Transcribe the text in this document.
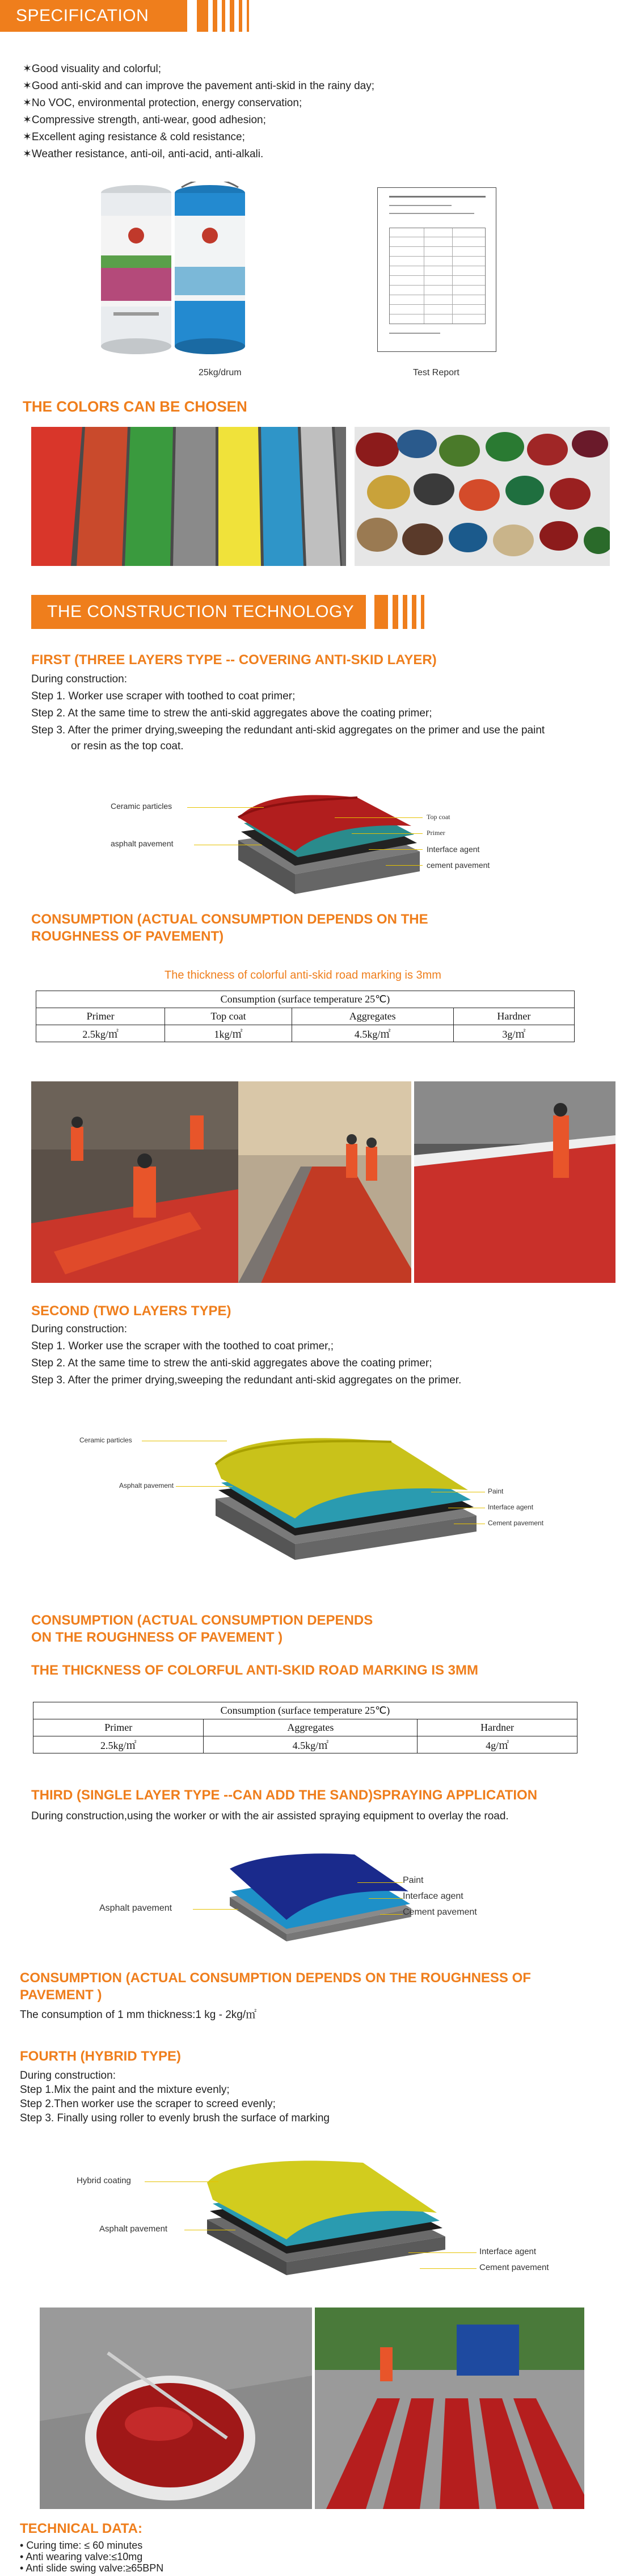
SPECIFICATION
✶Good visuality and colorful;
✶Good anti-skid and can improve the pavement anti-skid in the rainy day;
✶No VOC, environmental protection, energy conservation;
✶Compressive strength, anti-wear, good adhesion;
✶Excellent aging resistance & cold resistance;
✶Weather resistance, anti-oil, anti-acid, anti-alkali.
25kg/drum	Test Report
THE COLORS CAN BE CHOSEN
THE CONSTRUCTION TECHNOLOGY
FIRST (THREE LAYERS TYPE -- COVERING ANTI-SKID LAYER)
During construction:
Step 1. Worker use scraper with toothed to coat primer;
Step 2. At the same time to strew the anti-skid aggregates above the coating primer;
Step 3. After the primer drying,sweeping the redundant anti-skid aggregates on the primer and use the paint
or resin as the top coat.
Ceramic particles
asphalt pavement
Top coat
Primer
Interface agent
cement pavement
CONSUMPTION (ACTUAL CONSUMPTION DEPENDS ON THE
ROUGHNESS OF PAVEMENT)
The thickness of colorful anti-skid road marking is 3mm
Consumption (surface temperature 25℃)			
Primer	Top coat	Aggregates	Hardner
2.5kg/㎡	1kg/㎡	4.5kg/㎡	3g/㎡
SECOND (TWO LAYERS TYPE)
During construction:
Step 1. Worker use the scraper with the toothed to coat primer,;
Step 2. At the same time to strew the anti-skid aggregates above the coating primer;
Step 3. After the primer drying,sweeping the redundant anti-skid aggregates on the primer.
Ceramic particles
Asphalt pavement
Paint
Interface agent
Cement pavement
CONSUMPTION (ACTUAL CONSUMPTION DEPENDS
ON THE ROUGHNESS OF PAVEMENT )
THE THICKNESS OF COLORFUL ANTI-SKID ROAD MARKING IS 3MM
Consumption (surface temperature 25℃)		
Primer	Aggregates	Hardner
2.5kg/㎡	4.5kg/㎡	4g/㎡
THIRD (SINGLE LAYER TYPE --CAN ADD THE SAND)SPRAYING APPLICATION
During construction,using the worker or with the air assisted spraying equipment to overlay the road.
Asphalt pavement
Paint
Interface agent
Cement pavement
CONSUMPTION (ACTUAL CONSUMPTION DEPENDS ON THE ROUGHNESS OF
PAVEMENT )
The consumption of 1 mm thickness:1 kg - 2kg/㎡
FOURTH (HYBRID TYPE)
During construction:
Step 1.Mix the paint and the mixture evenly;
Step 2.Then worker use the scraper to screed evenly;
Step 3. Finally using roller to evenly brush the surface of marking
Hybrid coating
Asphalt pavement
Interface agent
Cement pavement
TECHNICAL DATA:
• Curing time: ≤ 60 minutes
• Anti wearing valve:≤10mg
• Anti slide swing valve:≥65BPN
